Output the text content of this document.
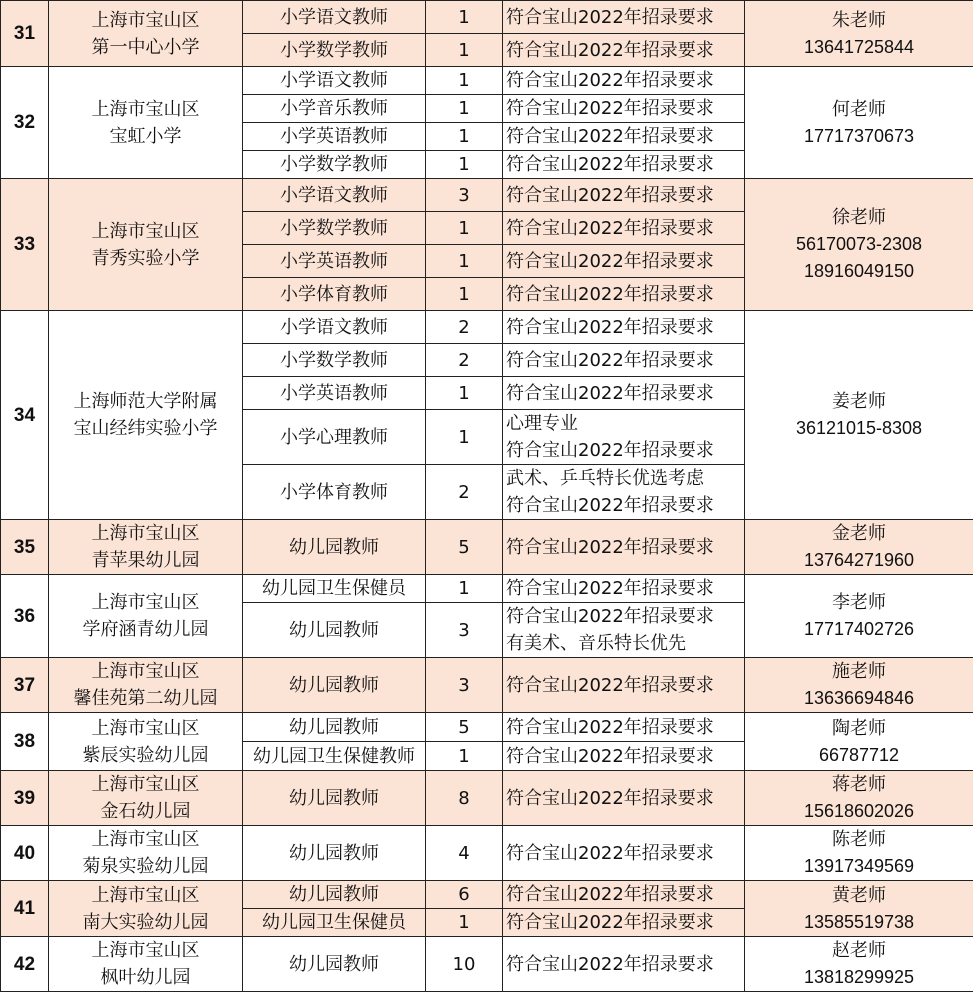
31	上海市宝山区
第一中心小学	小学语文教师	1	符合宝山2022年招录要求	朱老师
13641725844

		小学数学教师	1	符合宝山2022年招录要求	

32	上海市宝山区
宝虹小学	小学语文教师	1	符合宝山2022年招录要求	何老师
17717370673

		小学音乐教师	1	符合宝山2022年招录要求	

		小学英语教师	1	符合宝山2022年招录要求	

		小学数学教师	1	符合宝山2022年招录要求	

33	上海市宝山区
青秀实验小学	小学语文教师	3	符合宝山2022年招录要求	徐老师
56170073-2308
18916049150

		小学数学教师	1	符合宝山2022年招录要求	

		小学英语教师	1	符合宝山2022年招录要求	

		小学体育教师	1	符合宝山2022年招录要求	

34	上海师范大学附属
宝山经纬实验小学	小学语文教师	2	符合宝山2022年招录要求	姜老师
36121015-8308

		小学数学教师	2	符合宝山2022年招录要求	

		小学英语教师	1	符合宝山2022年招录要求	

		小学心理教师	1	心理专业
符合宝山2022年招录要求	

		小学体育教师	2	武术、乒乓特长优选考虑
符合宝山2022年招录要求	

35	上海市宝山区
青苹果幼儿园	幼儿园教师	5	符合宝山2022年招录要求	金老师
13764271960

36	上海市宝山区
学府涵青幼儿园	幼儿园卫生保健员	1	符合宝山2022年招录要求	李老师
17717402726

		幼儿园教师	3	符合宝山2022年招录要求
有美术、音乐特长优先	

37	上海市宝山区
馨佳苑第二幼儿园	幼儿园教师	3	符合宝山2022年招录要求	施老师
13636694846

38	上海市宝山区
紫辰实验幼儿园	幼儿园教师	5	符合宝山2022年招录要求	陶老师
66787712

		幼儿园卫生保健教师	1	符合宝山2022年招录要求	

39	上海市宝山区
金石幼儿园	幼儿园教师	8	符合宝山2022年招录要求	蒋老师
15618602026

40	上海市宝山区
菊泉实验幼儿园	幼儿园教师	4	符合宝山2022年招录要求	陈老师
13917349569

41	上海市宝山区
南大实验幼儿园	幼儿园教师	6	符合宝山2022年招录要求	黄老师
13585519738

		幼儿园卫生保健员	1	符合宝山2022年招录要求	

42	上海市宝山区
枫叶幼儿园	幼儿园教师	10	符合宝山2022年招录要求	赵老师
13818299925
